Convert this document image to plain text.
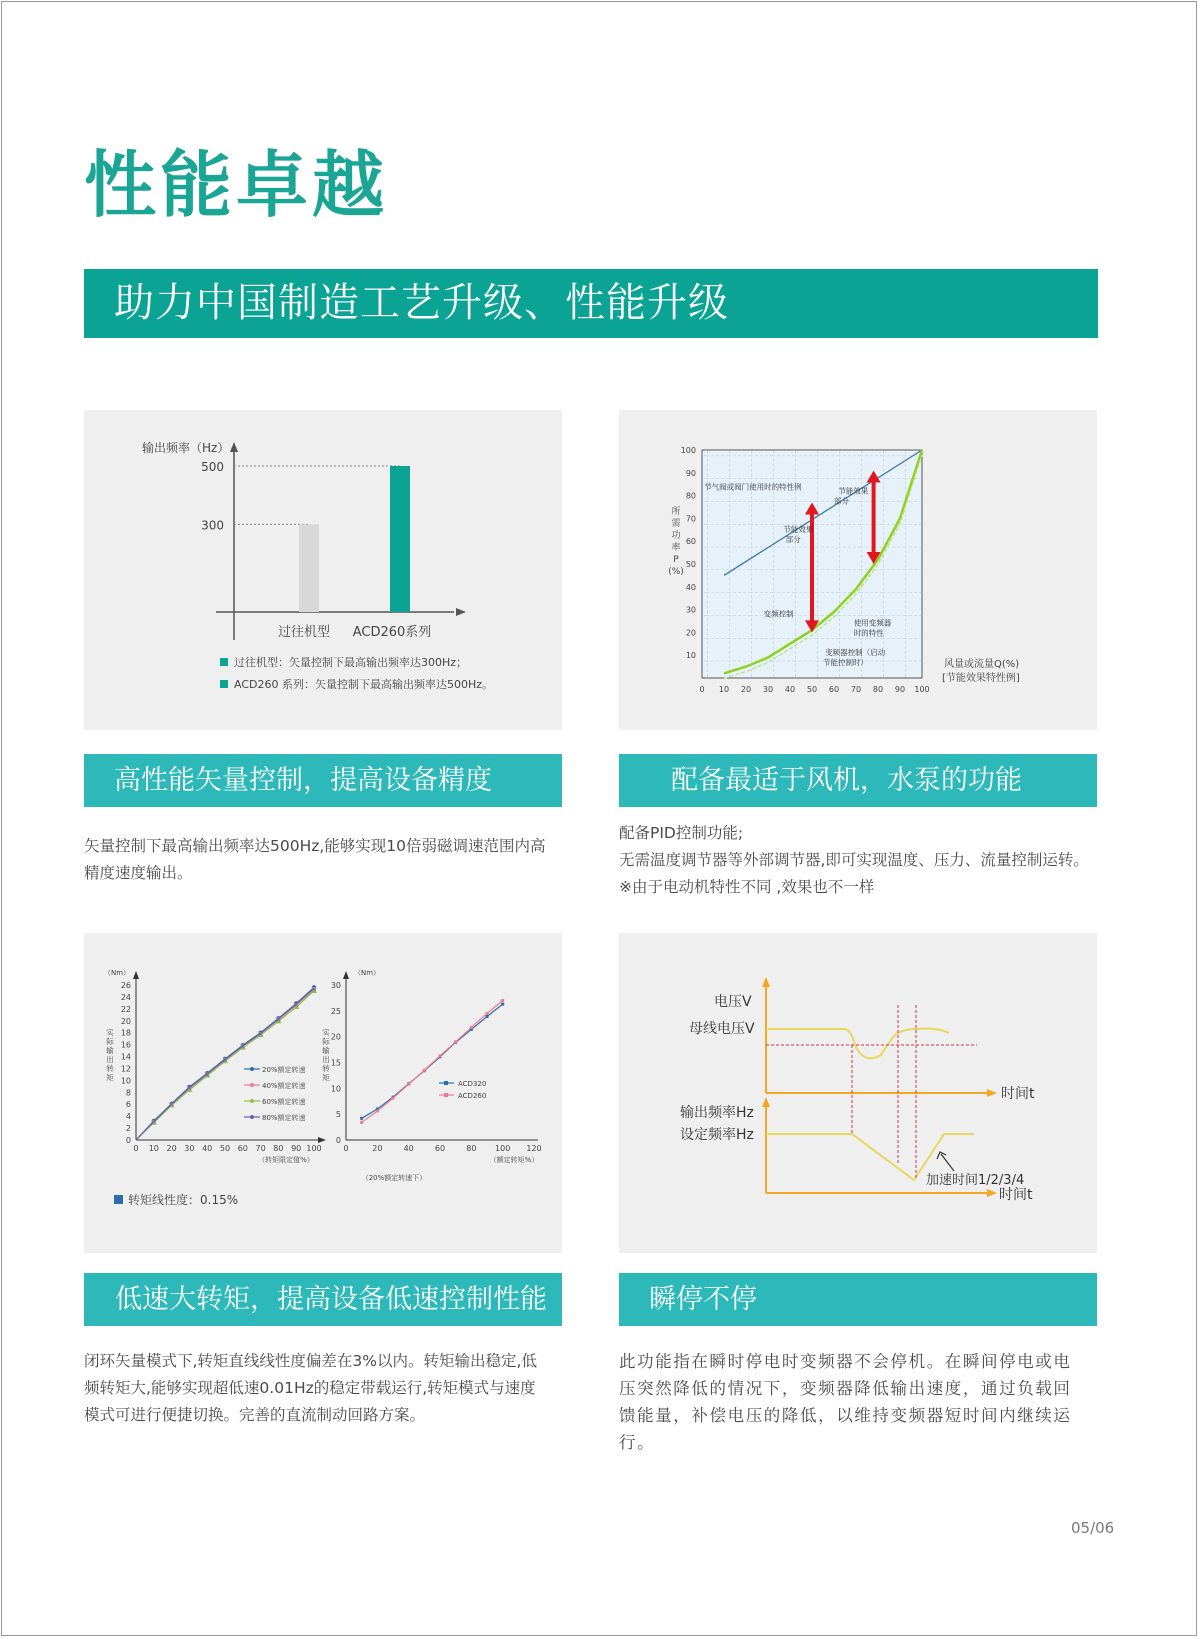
性能卓越
助力中国制造工艺升级、性能升级
输出频率（Hz）
300
过往机型
500
ACD260系列
过往机型：矢量控制下最高输出频率达300Hz；
ACD260 系列：矢量控制下最高输出频率达500Hz。
10
20
30
40
50
60
70
80
90
100
0 10 20 30 40 50 60 70 80 90 100
所
需
功
率
P
(%)
风量或流量Q(%)
[节能效果特性例]
节气阀或阀门使用时的特性例
节能效果
部分
节能效果
部分
变频控制
使用变频器
时的特性
变频器控制（启动
节能控制时）
（Nm）
0
2
4
6
8
10
12
14
16
18
20
22
24
26
0 10 20 30 40 50 60 70 80 90 100
（转矩限定值%）
实
际
输
出
转
矩
20%额定转速
40%额定转速
60%额定转速
×
×
×
×
×
×
×
×
×
×
80%额定转速
（Nm）
0
5
10
15
20
25
30
0	20	40	60	80 100 120
（额定转矩%）
（20%额定转速下）
实
际
输
出
转
矩
ACD320
ACD260
转矩线性度：0.15%
电压V
母线电压V
时间t
输出频率Hz
设定频率Hz
加速时间1/2/3/4
时间t
高性能矢量控制，提高设备精度	配备最适于风机，水泵的功能
低速大转矩，提高设备低速控制性能	瞬停不停
矢量控制下最高输出频率达500Hz,能够实现10倍弱磁调速范围内高
精度速度输出。
配备PID控制功能;
无需温度调节器等外部调节器,即可实现温度、压力、流量控制运转。
※由于电动机特性不同 ,效果也不一样
闭环矢量模式下,转矩直线线性度偏差在3%以内。转矩输出稳定,低
频转矩大,能够实现超低速0.01Hz的稳定带载运行,转矩模式与速度
模式可进行便捷切换。完善的直流制动回路方案。
此功能指在瞬时停电时变频器不会停机。在瞬间停电或电
压突然降低的情况下，变频器降低输出速度，通过负载回
馈能量，补偿电压的降低，以维持变频器短时间内继续运
行。
05/06
